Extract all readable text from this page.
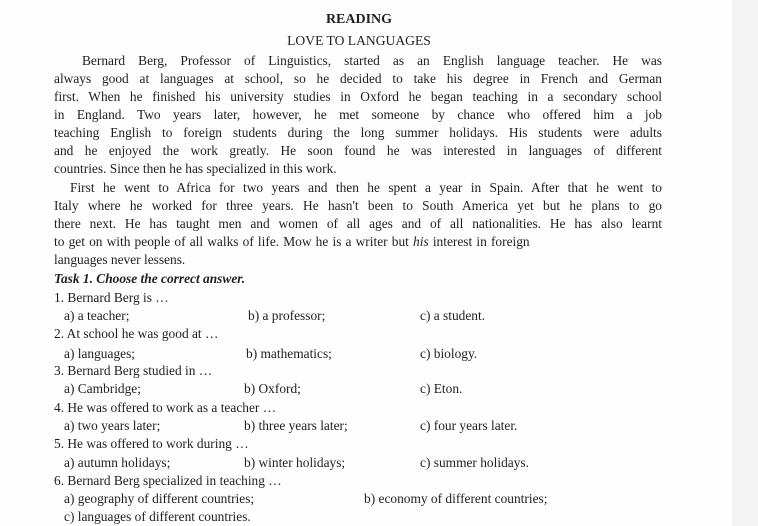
READING
LOVE TO LANGUAGES
Bernard Berg, Professor of Linguistics, started as an English language teacher. He was
always good at languages at school, so he decided to take his degree in French and German
first. When he finished his university studies in Oxford he began teaching in a secondary school
in England. Two years later, however, he met someone by chance who offered him a job
teaching English to foreign students during the long summer holidays. His students were adults
and he enjoyed the work greatly. He soon found he was interested in languages of different
countries. Since then he has specialized in this work.
First he went to Africa for two years and then he spent a year in Spain. After that he went to
Italy where he worked for three years. He hasn't been to South America yet but he plans to go
there next. He has taught men and women of all ages and of all nationalities. He has also learnt
to get on with people of all walks of life. Mow he is a writer but his interest in foreign
languages never lessens.
Task 1. Choose the correct answer.
1. Bernard Berg is …
a) a teacher;	b) a professor;	c) a student.
2. At school he was good at …
a) languages;	b) mathematics;	c) biology.
3. Bernard Berg studied in …
a) Cambridge;	b) Oxford;	c) Eton.
4. He was offered to work as a teacher …
a) two years later;	b) three years later;	c) four years later.
5. He was offered to work during …
a) autumn holidays;	b) winter holidays;	c) summer holidays.
6. Bernard Berg specialized in teaching …
a) geography of different countries;	b) economy of different countries;
c) languages of different countries.
